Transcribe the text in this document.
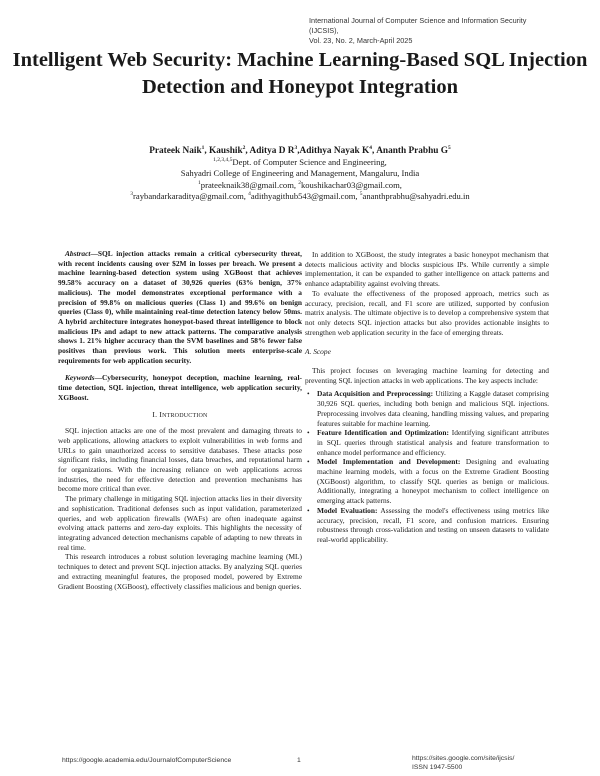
International Journal of Computer Science and Information Security (IJCSIS),
Vol. 23, No. 2, March-April 2025
Intelligent Web Security: Machine Learning-Based SQL Injection Detection and Honeypot Integration
Prateek Naik$^1$, Kaushik$^2$, Aditya D $R^3,Adithya$ Nayak $K^4$, Ananth Prabhu $G^5$
$^{1,2,3,4,5}$Dept. of Computer Science and Engineering,
Sahyadri College of Engineering and Management, Mangaluru, India
$^1$prateeknaik38@gmail.com, $^2$koushikachar03@gmail.com,
$^3$raybandarkaraditya@gmail.com, $^4$adithyagithub543@gmail.com, $^5$ananthprabhu@sahyadri.edu.in

Abstract—SQL injection attacks remain a critical cybersecurity threat, with recent incidents causing over $2M in losses per breach. We present a machine learning-based detection system using XGBoost that achieves 99.58% accuracy on a dataset of 30,926 queries (63% benign, 37% malicious). The model demonstrates exceptional performance with a precision of 99.8% on malicious queries (Class 1) and 99.6% on benign queries (Class 0), while maintaining real-time detection latency below 50ms. A hybrid architecture integrates honeypot-based threat intelligence to block malicious IPs and adapt to new attack patterns. The comparative analysis shows 1. 21% higher accuracy than the SVM baselines and 58% fewer false positives than previous work. This solution meets enterprise-scale requirements for web application security.

Keywords—Cybersecurity, honeypot deception, machine learning, real-time detection, SQL injection, threat intelligence, web application security, XGBoost.

I. INTRODUCTION

SQL injection attacks are one of the most prevalent and damaging threats to web applications, allowing attackers to exploit vulnerabilities in web forms and URLs to gain unauthorized access to sensitive databases. These attacks pose significant risks, including financial losses, data breaches, and reputational harm for organizations. With the increasing reliance on web applications across industries, the need for effective detection and prevention mechanisms has become more critical than ever.

The primary challenge in mitigating SQL injection attacks lies in their diversity and sophistication. Traditional defenses such as input validation, parameterized queries, and web application firewalls (WAFs) are often inadequate against evolving attack patterns and zero-day exploits. This highlights the necessity of integrating advanced detection mechanisms capable of adapting to new threats in real time.

This research introduces a robust solution leveraging machine learning (ML) techniques to detect and prevent SQL injection attacks. By analyzing SQL queries and extracting meaningful features, the proposed model, powered by Extreme Gradient Boosting (XGBoost), effectively classifies malicious and benign queries.

In addition to XGBoost, the study integrates a basic honeypot mechanism that detects malicious activity and blocks suspicious IPs. While currently a simple implementation, it can be expanded to gather intelligence on attack patterns and enhance adaptability against evolving threats.

To evaluate the effectiveness of the proposed approach, metrics such as accuracy, precision, recall, and F1 score are utilized, supported by confusion matrix analysis. The ultimate objective is to develop a comprehensive system that not only detects SQL injection attacks but also provides actionable insights to strengthen web application security in the face of emerging threats.

A. Scope

This project focuses on leveraging machine learning for detecting and preventing SQL injection attacks in web applications. The key aspects include:

• Data Acquisition and Preprocessing: Utilizing a Kaggle dataset comprising 30,926 SQL queries, including both benign and malicious SQL injections. Preprocessing involves data cleaning, handling missing values, and preparing features suitable for machine learning.
• Feature Identification and Optimization: Identifying significant attributes in SQL queries through statistical analysis and feature transformation to enhance model performance and efficiency.
• Model Implementation and Development: Designing and evaluating machine learning models, with a focus on the Extreme Gradient Boosting (XGBoost) algorithm, to classify SQL queries as benign or malicious. Additionally, integrating a honeypot mechanism to collect intelligence on emerging attack patterns.
• Model Evaluation: Assessing the model's effectiveness using metrics like accuracy, precision, recall, F1 score, and confusion matrices. Ensuring robustness through cross-validation and testing on unseen datasets to validate real-world applicability.
https://google.academia.edu/JournalofComputerScience	1	https://sites.google.com/site/ijcsis/
ISSN 1947-5500
